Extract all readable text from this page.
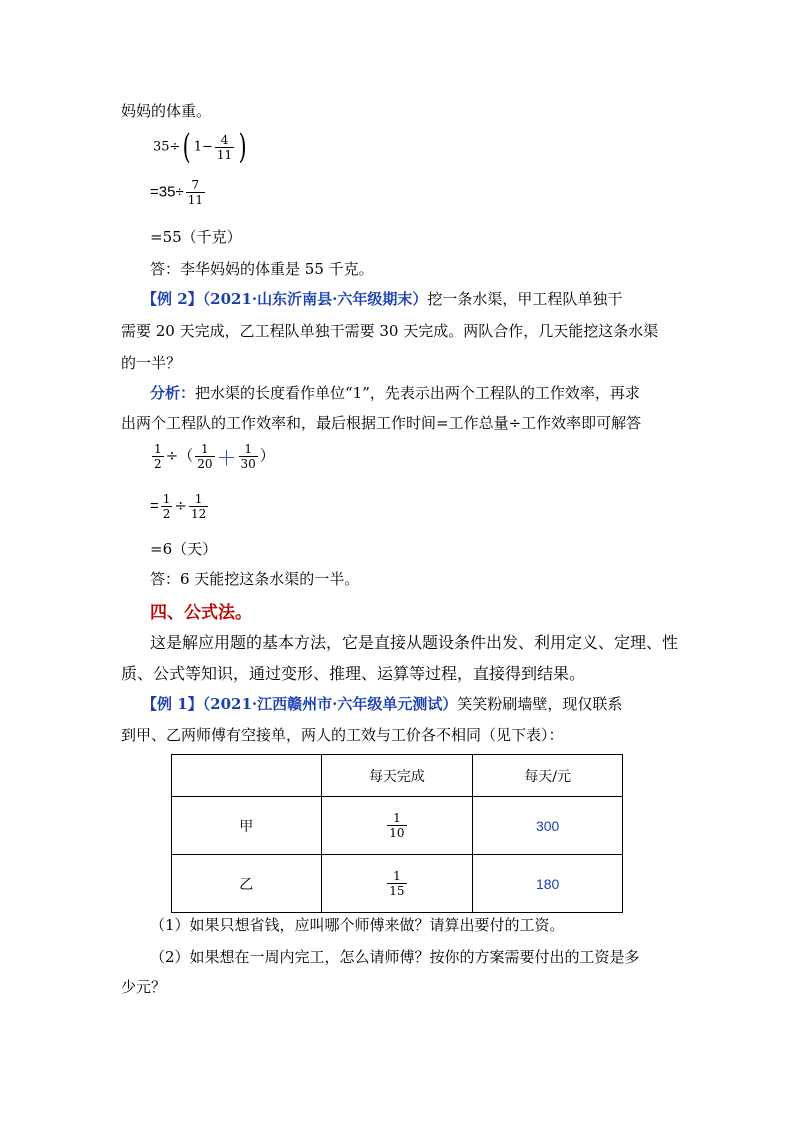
妈妈的体重。
35÷( $1- \frac{4}{11}$ )
$=35\div \frac{7}{11}$
=55（千克）
答：李华妈妈的体重是 55 千克。
【例 2】（2021·山东沂南县·六年级期末）挖一条水渠，甲工程队单独干
需要 20 天完成，乙工程队单独干需要 30 天完成。两队合作，几天能挖这条水渠
的一半？
分析：把水渠的长度看作单位“1”，先表示出两个工程队的工作效率，再求
出两个工程队的工作效率和，最后根据工作时间=工作总量÷工作效率即可解答
$\frac{1}{2}$ ÷（ $\frac{1}{20} + \frac{1}{30}$ ）
= $\frac{1}{2} \div \frac{1}{12}$
=6（天）
答：6 天能挖这条水渠的一半。
四、公式法。
这是解应用题的基本方法，它是直接从题设条件出发、利用定义、定理、性
质、公式等知识，通过变形、推理、运算等过程，直接得到结果。
【例 1】（2021·江西赣州市·六年级单元测试）笑笑粉刷墙壁，现仅联系
到甲、乙两师傅有空接单，两人的工效与工价各不相同（见下表）：
	每天完成	每天/元
甲	$\frac{1}{10}$	300
乙	$\frac{1}{15}$	180
（1）如果只想省钱，应叫哪个师傅来做？请算出要付的工资。
（2）如果想在一周内完工，怎么请师傅？按你的方案需要付出的工资是多
少元？
